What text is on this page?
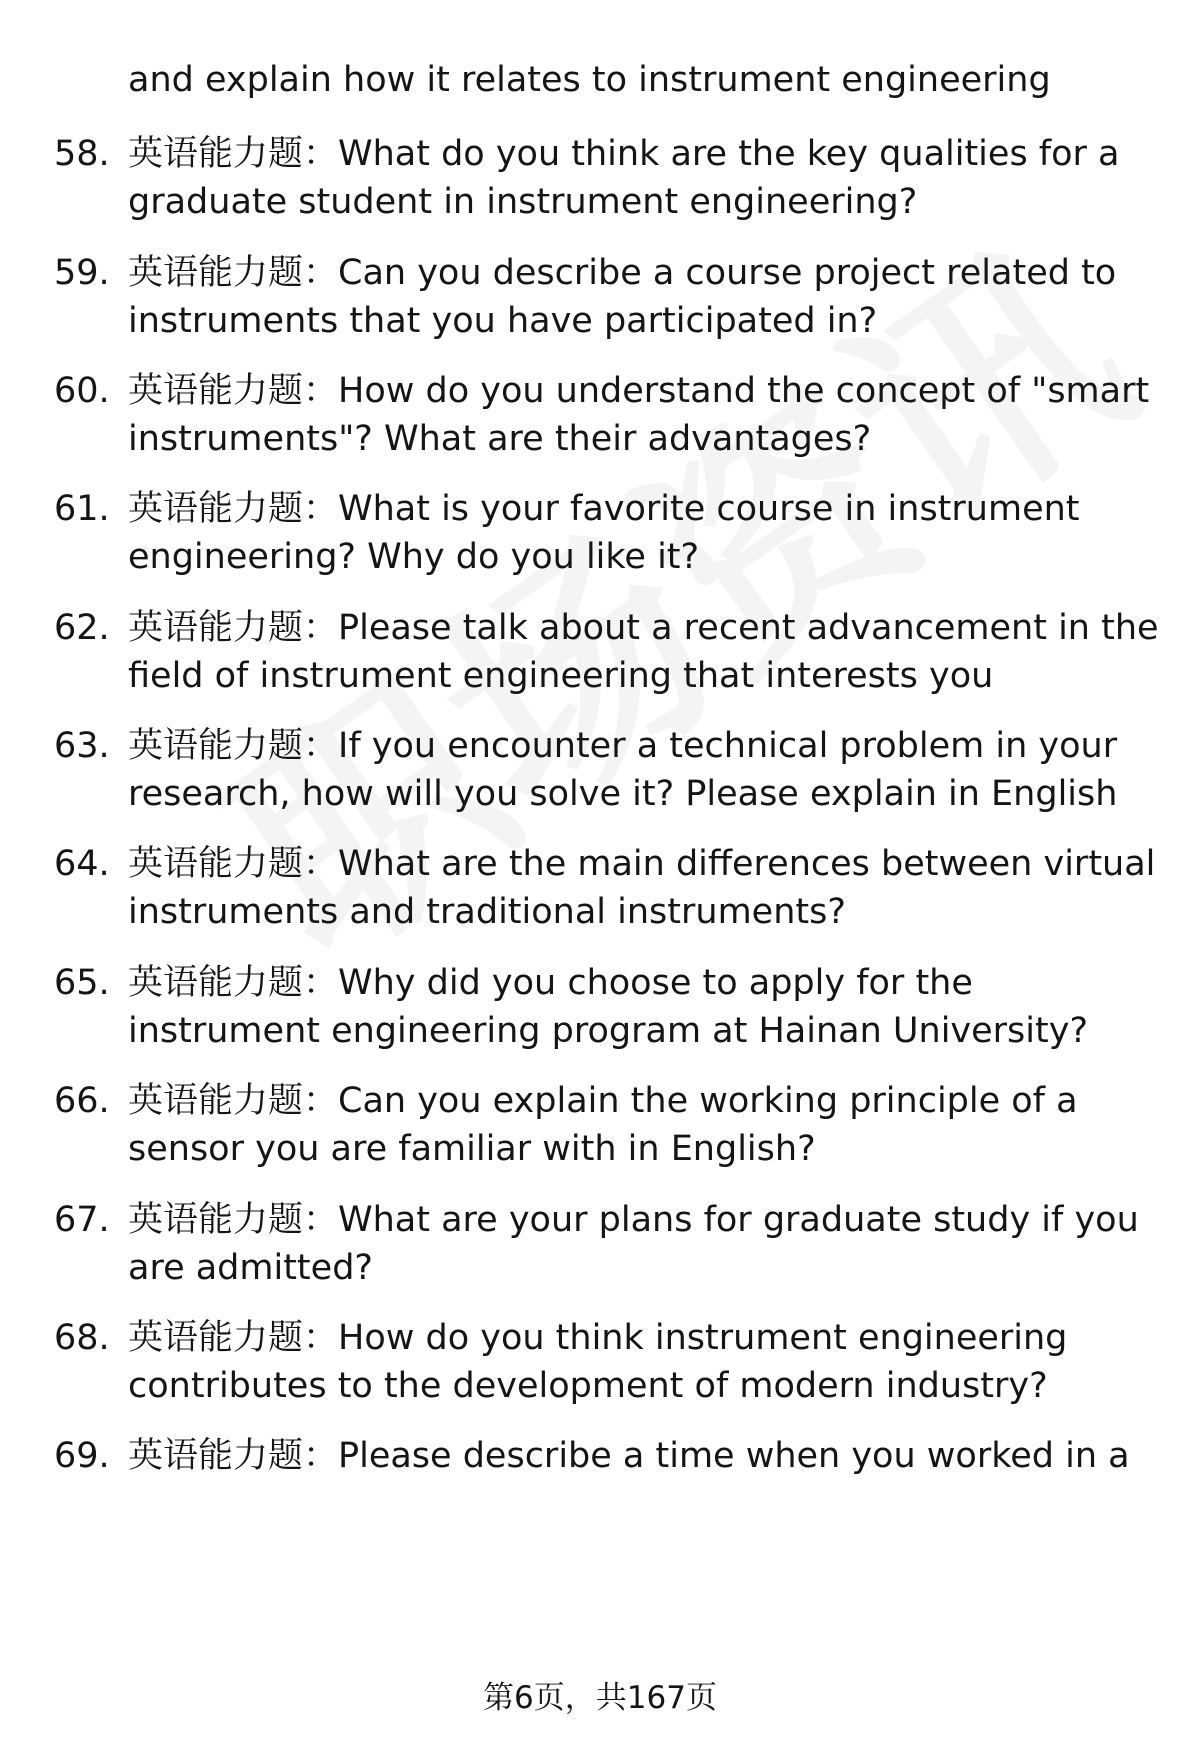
and explain how it relates to instrument engineering
58. 英语能力题：What do you think are the key qualities for a
graduate student in instrument engineering?
59. 英语能力题：Can you describe a course project related to
instruments that you have participated in?
60. 英语能力题：How do you understand the concept of "smart
instruments"? What are their advantages?
61. 英语能力题：What is your favorite course in instrument
engineering? Why do you like it?
62. 英语能力题：Please talk about a recent advancement in the
field of instrument engineering that interests you
63. 英语能力题：If you encounter a technical problem in your
research, how will you solve it? Please explain in English
64. 英语能力题：What are the main differences between virtual
instruments and traditional instruments?
65. 英语能力题：Why did you choose to apply for the
instrument engineering program at Hainan University?
66. 英语能力题：Can you explain the working principle of a
sensor you are familiar with in English?
67. 英语能力题：What are your plans for graduate study if you
are admitted?
68. 英语能力题：How do you think instrument engineering
contributes to the development of modern industry?
69. 英语能力题：Please describe a time when you worked in a
第6页，共167页
